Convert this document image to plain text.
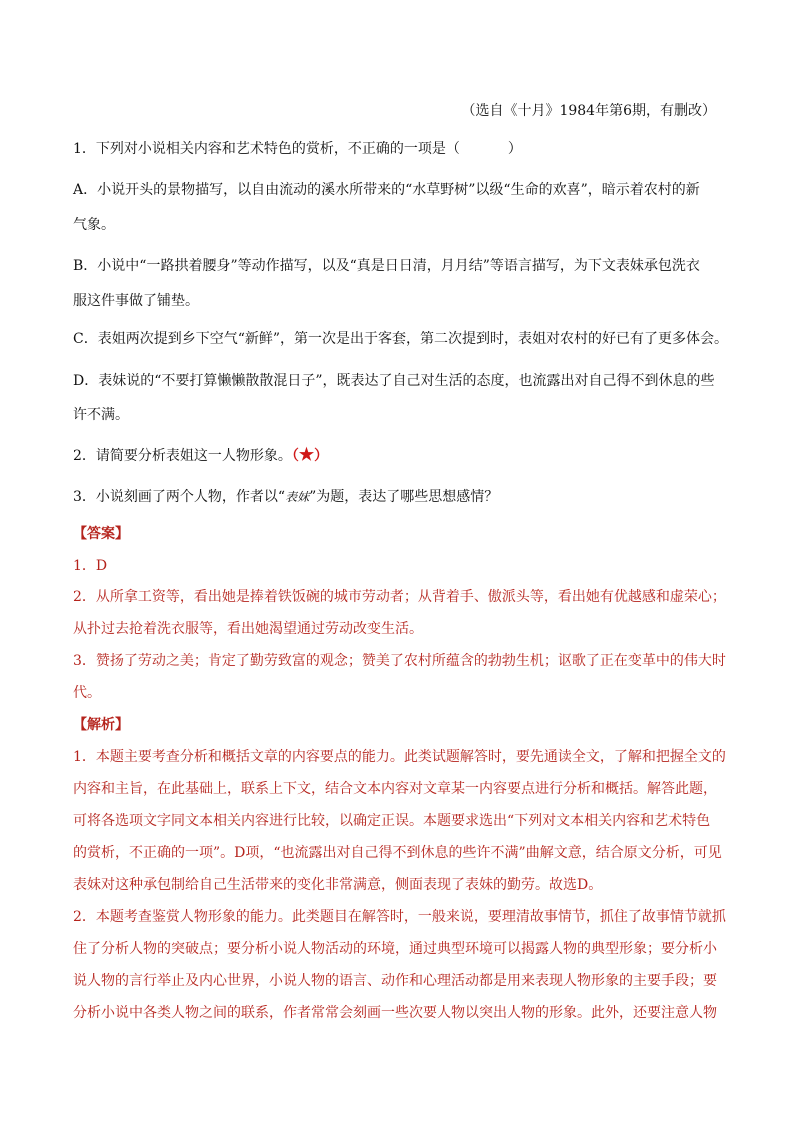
（选自《十月》1984年第6期，有删改）
1．下列对小说相关内容和艺术特色的赏析，不正确的一项是（	）
A．小说开头的景物描写，以自由流动的溪水所带来的“水草野树”以级“生命的欢喜”，暗示着农村的新
气象。
B．小说中“一路拱着腰身”等动作描写，以及“真是日日清，月月结”等语言描写，为下文表妹承包洗衣
服这件事做了铺垫。
C．表姐两次提到乡下空气“新鲜”，第一次是出于客套，第二次提到时，表姐对农村的好已有了更多体会。
D．表妹说的“不要打算懒懒散散混日子”，既表达了自己对生活的态度，也流露出对自己得不到休息的些
许不满。
2．请简要分析表姐这一人物形象。（★）
3．小说刻画了两个人物，作者以“表妹”为题，表达了哪些思想感情？
【答案】
1．D
2．从所拿工资等，看出她是捧着铁饭碗的城市劳动者；从背着手、傲派头等，看出她有优越感和虚荣心；
从扑过去抢着洗衣服等，看出她渴望通过劳动改变生活。
3．赞扬了劳动之美；肯定了勤劳致富的观念；赞美了农村所蕴含的勃勃生机；讴歌了正在变革中的伟大时
代。
【解析】
1．本题主要考查分析和概括文章的内容要点的能力。此类试题解答时，要先通读全文，了解和把握全文的
内容和主旨，在此基础上，联系上下文，结合文本内容对文章某一内容要点进行分析和概括。解答此题，
可将各选项文字同文本相关内容进行比较，以确定正误。本题要求选出“下列对文本相关内容和艺术特色
的赏析，不正确的一项”。D项，“也流露出对自己得不到休息的些许不满”曲解文意，结合原文分析，可见
表妹对这种承包制给自己生活带来的变化非常满意，侧面表现了表妹的勤劳。故选D。
2．本题考查鉴赏人物形象的能力。此类题目在解答时，一般来说，要理清故事情节，抓住了故事情节就抓
住了分析人物的突破点；要分析小说人物活动的环境，通过典型环境可以揭露人物的典型形象；要分析小
说人物的言行举止及内心世界，小说人物的语言、动作和心理活动都是用来表现人物形象的主要手段；要
分析小说中各类人物之间的联系，作者常常会刻画一些次要人物以突出人物的形象。此外，还要注意人物
